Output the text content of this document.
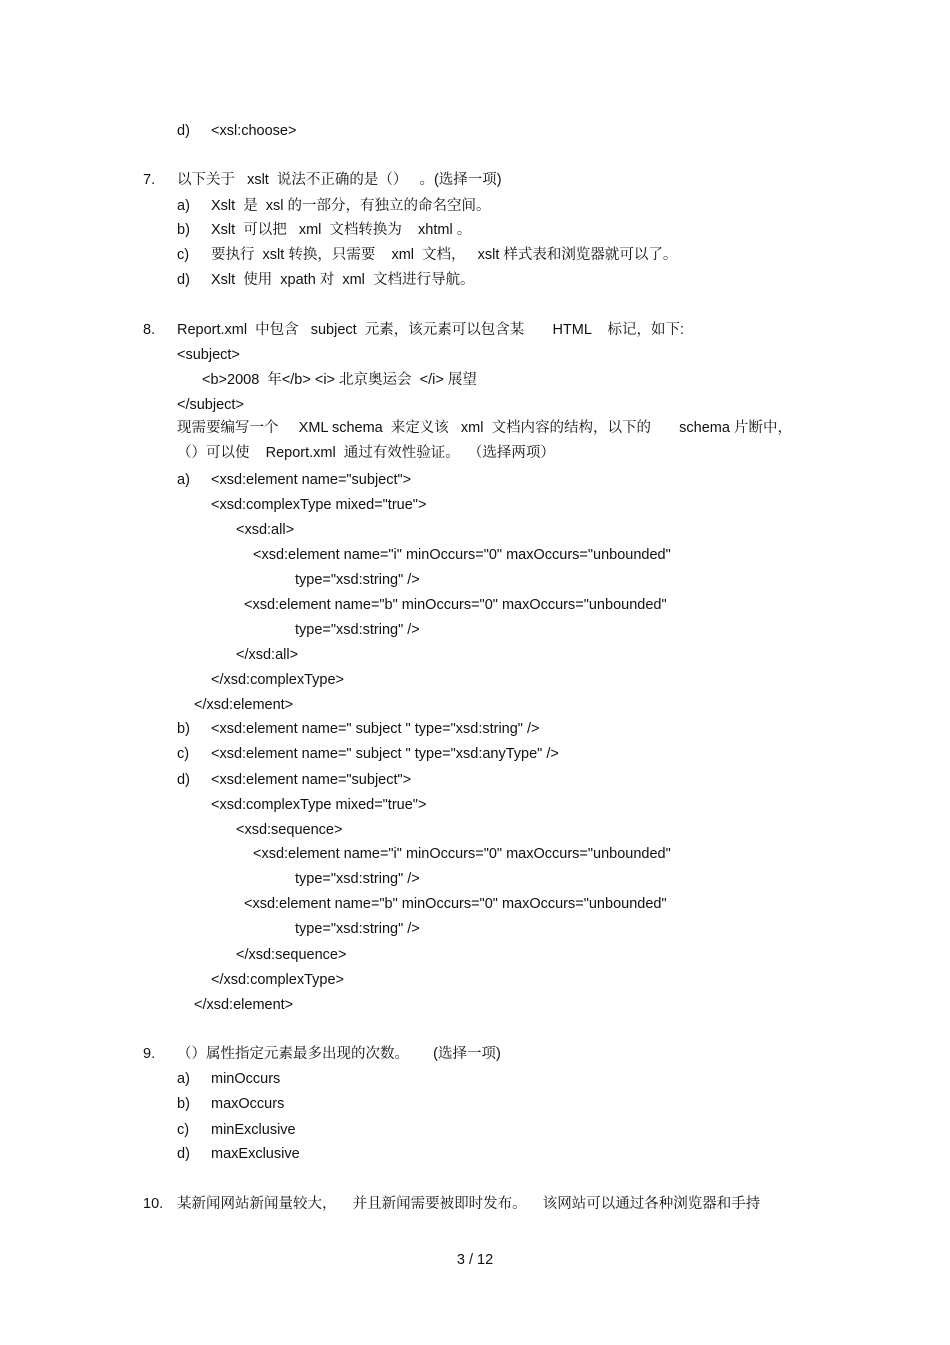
d) <xsl:choose>
7. 以下关于   xslt  说法不正确的是（）   。(选择一项)
a) Xslt  是  xsl 的一部分，有独立的命名空间。
b) Xslt  可以把   xml  文档转换为    xhtml 。
c) 要执行  xslt 转换，只需要    xml  文档，   xslt 样式表和浏览器就可以了。
d) Xslt  使用  xpath 对  xml  文档进行导航。
8. Report.xml  中包含   subject  元素，该元素可以包含某       HTML    标记，如下:
<subject>
<b>2008  年</b> <i> 北京奥运会  </i> 展望
</subject>
现需要编写一个     XML schema  来定义该   xml  文档内容的结构，以下的       schema 片断中，
（）可以使    Report.xml  通过有效性验证。  （选择两项）
a) <xsd:element name="subject">
<xsd:complexType mixed="true">
<xsd:all>
<xsd:element name="i" minOccurs="0" maxOccurs="unbounded"
type="xsd:string" />
<xsd:element name="b" minOccurs="0" maxOccurs="unbounded"
type="xsd:string" />
</xsd:all>
</xsd:complexType>
</xsd:element>
b) <xsd:element name=" subject " type="xsd:string" />
c) <xsd:element name=" subject " type="xsd:anyType" />
d) <xsd:element name="subject">
<xsd:complexType mixed="true">
<xsd:sequence>
<xsd:element name="i" minOccurs="0" maxOccurs="unbounded"
type="xsd:string" />
<xsd:element name="b" minOccurs="0" maxOccurs="unbounded"
type="xsd:string" />
</xsd:sequence>
</xsd:complexType>
</xsd:element>
9. （）属性指定元素最多出现的次数。      (选择一项)
a) minOccurs
b) maxOccurs
c) minExclusive
d) maxExclusive
10. 某新闻网站新闻量较大，    并且新闻需要被即时发布。    该网站可以通过各种浏览器和手持
3 / 12
